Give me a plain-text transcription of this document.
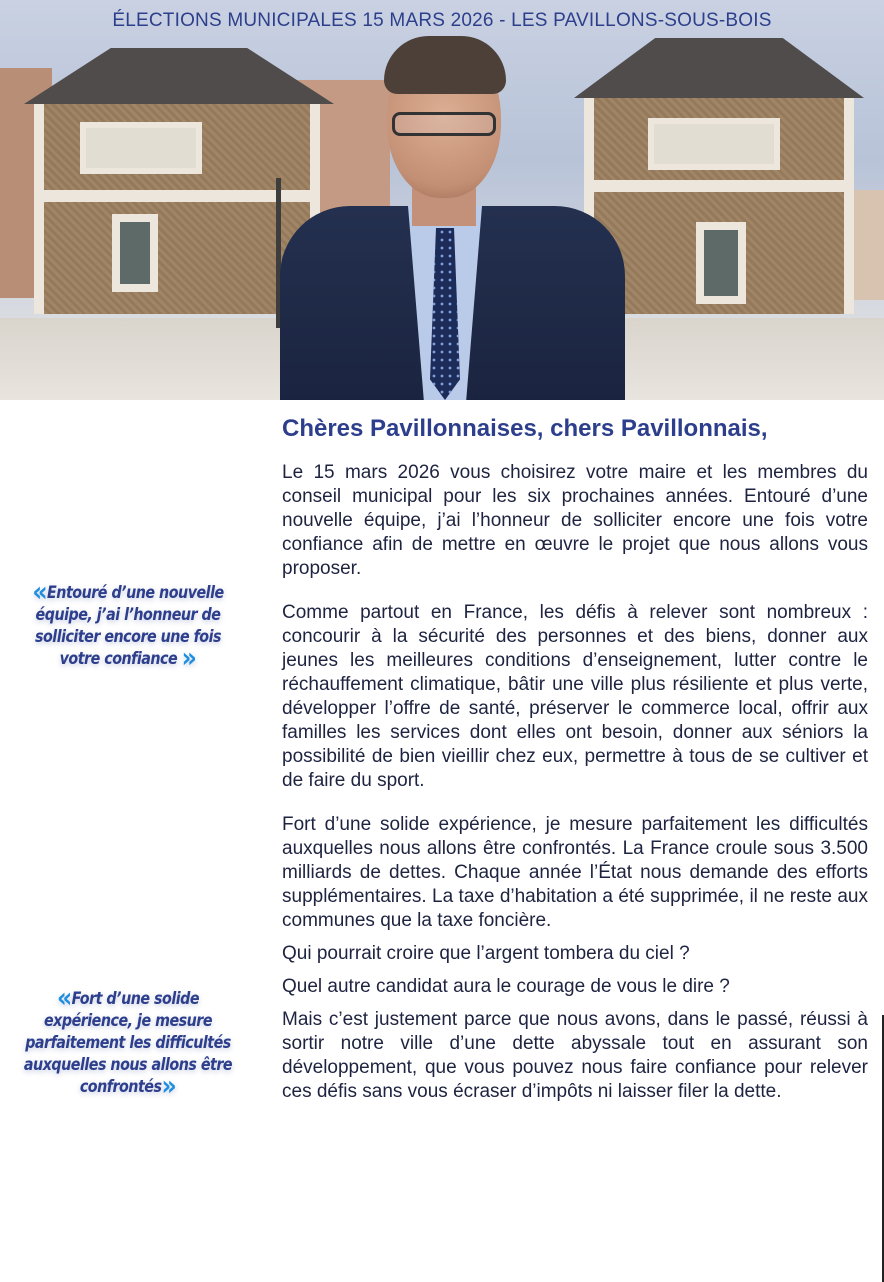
ÉLECTIONS MUNICIPALES 15 MARS 2026 - LES PAVILLONS-SOUS-BOIS
Chères Pavillonnaises, chers Pavillonnais,

Le 15 mars 2026 vous choisirez votre maire et les membres du conseil municipal pour les six prochaines années. Entouré d’une nouvelle équipe, j’ai l’honneur de solliciter encore une fois votre confiance afin de mettre en œuvre le projet que nous allons vous proposer.

Comme partout en France, les défis à relever sont nombreux : concourir à la sécurité des personnes et des biens, donner aux jeunes les meilleures conditions d’enseignement, lutter contre le réchauffement climatique, bâtir une ville plus résiliente et plus verte, développer l’offre de santé, préserver le commerce local, offrir aux familles les services dont elles ont besoin, donner aux séniors la possibilité de bien vieillir chez eux, permettre à tous de se cultiver et de faire du sport.

Fort d’une solide expérience, je mesure parfaitement les difficultés auxquelles nous allons être confrontés. La France croule sous 3.500 milliards de dettes. Chaque année l’État nous demande des efforts supplémentaires. La taxe d’habitation a été supprimée, il ne reste aux communes que la taxe foncière.

Qui pourrait croire que l’argent tombera du ciel ?

Quel autre candidat aura le courage de vous le dire ?

Mais c’est justement parce que nous avons, dans le passé, réussi à sortir notre ville d’une dette abyssale tout en assurant son développement, que vous pouvez nous faire confiance pour relever ces défis sans vous écraser d’impôts ni laisser filer la dette.

«Entouré d’une nouvelle équipe, j’ai l’honneur de solliciter encore une fois votre confiance »
«Fort d’une solide expérience, je mesure parfaitement les difficultés auxquelles nous allons être confrontés»
